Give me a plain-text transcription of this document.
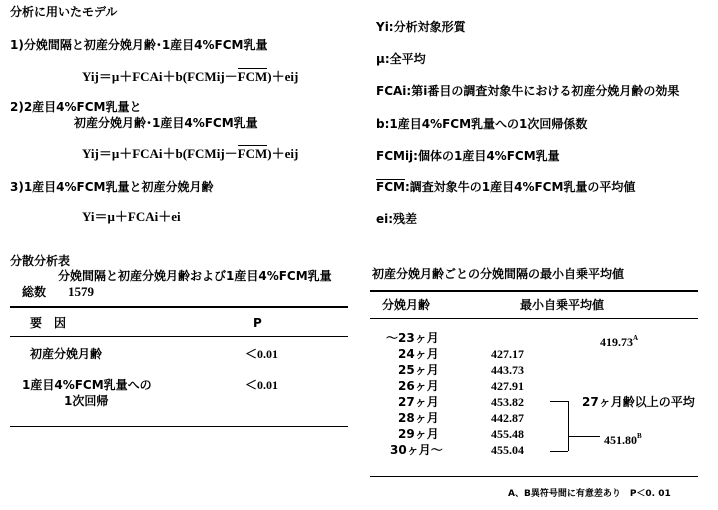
分析に用いたモデル
1)分娩間隔と初産分娩月齢･1産目4%FCM乳量
Yij＝μ＋FCAi＋b(FCMij－FCM)＋eij
2)2産目4%FCM乳量と
初産分娩月齢･1産目4%FCM乳量
Yij＝μ＋FCAi＋b(FCMij－FCM)＋eij
3)1産目4%FCM乳量と初産分娩月齢
Yi＝μ＋FCAi＋ei
Yi:分析対象形質
μ:全平均
FCAi:第i番目の調査対象牛における初産分娩月齢の効果
b:1産目4%FCM乳量への1次回帰係数
FCMij:個体の1産目4%FCM乳量
FCM:調査対象牛の1産目4%FCM乳量の平均値
ei:残差
分散分析表
分娩間隔と初産分娩月齢および1産目4%FCM乳量
総数 1579
要　因	P
初産分娩月齢	＜0.01
1産目4%FCM乳量への
1次回帰
＜0.01
初産分娩月齢ごとの分娩間隔の最小自乗平均値
分娩月齢	最小自乗平均値
～23ヶ月	$419.73^A$
24ヶ月	427.17
25ヶ月	443.73
26ヶ月	427.91
27ヶ月	453.82
28ヶ月	442.87
29ヶ月	455.48
30ヶ月～	455.04
27ヶ月齢以上の平均
$451.80^B$
A、B異符号間に有意差あり　P＜0. 01
